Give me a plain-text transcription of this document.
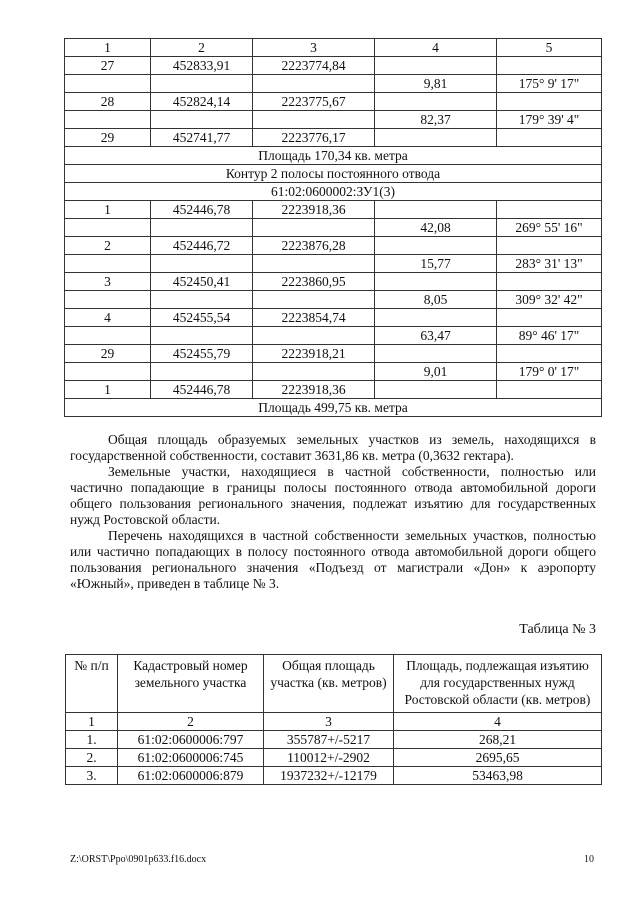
1	2	3	4	5
27	452833,91	2223774,84		
			9,81	175° 9' 17"
28	452824,14	2223775,67		
			82,37	179° 39' 4"
29	452741,77	2223776,17		
Площадь 170,34 кв. метра				
Контур 2 полосы постоянного отвода				
61:02:0600002:ЗУ1(3)				
1	452446,78	2223918,36		
			42,08	269° 55' 16"
2	452446,72	2223876,28		
			15,77	283° 31' 13"
3	452450,41	2223860,95		
			8,05	309° 32' 42"
4	452455,54	2223854,74		
			63,47	89° 46' 17"
29	452455,79	2223918,21		
			9,01	179° 0' 17"
1	452446,78	2223918,36		
Площадь 499,75 кв. метра				

Общая площадь образуемых земельных участков из земель, находящихся в государственной собственности, составит 3631,86 кв. метра (0,3632 гектара).

Земельные участки, находящиеся в частной собственности, полностью или частично попадающие в границы полосы постоянного отвода автомобильной дороги общего пользования регионального значения, подлежат изъятию для государственных нужд Ростовской области.

Перечень находящихся в частной собственности земельных участков, полностью или частично попадающих в полосу постоянного отвода автомобильной дороги общего пользования регионального значения «Подъезд от магистрали «Дон» к аэропорту «Южный», приведен в таблице № 3.

Таблица № 3
№ п/п	Кадастровый номер земельного участка	Общая площадь участка (кв. метров)	Площадь, подлежащая изъятию для государственных нужд Ростовской области (кв. метров)
1	2	3	4
1.	61:02:0600006:797	355787+/-5217	268,21
2.	61:02:0600006:745	110012+/-2902	2695,65
3.	61:02:0600006:879	1937232+/-12179	53463,98
Z:\ORST\Ppo\0901p633.f16.docx	10
